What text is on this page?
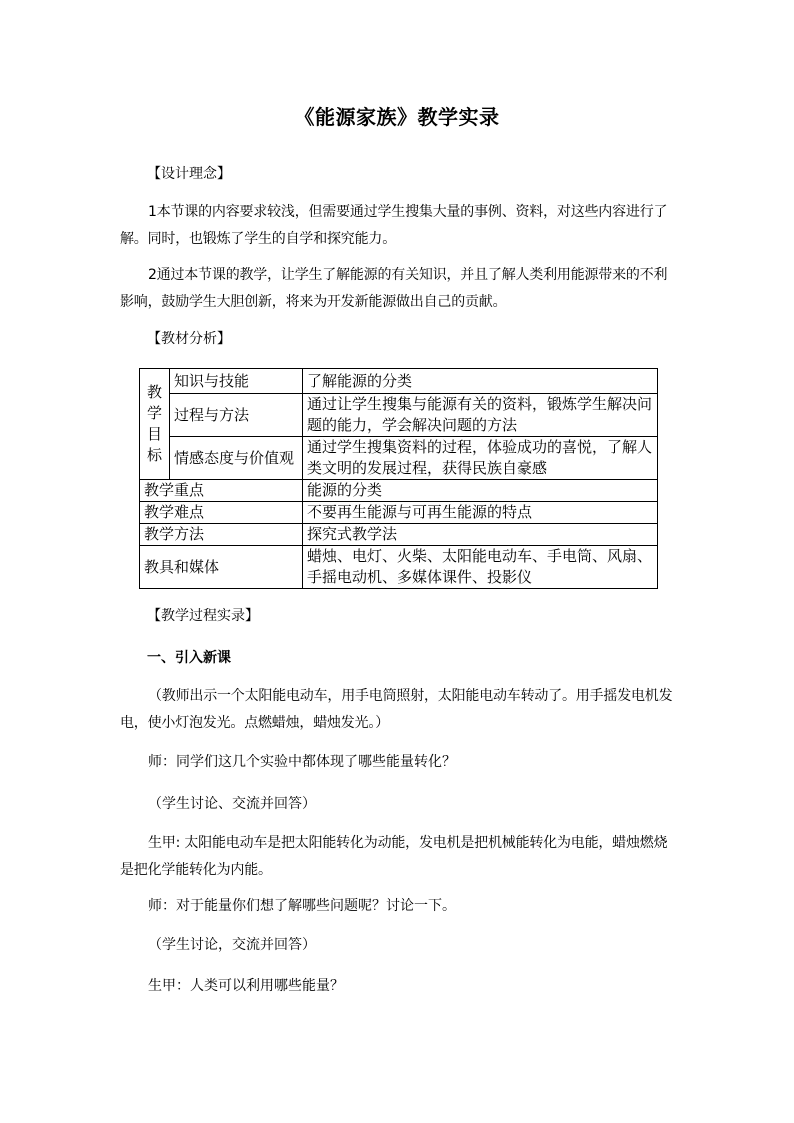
《能源家族》教学实录
【设计理念】
1本节课的内容要求较浅，但需要通过学生搜集大量的事例、资料，对这些内容进行了解。同时，也锻炼了学生的自学和探究能力。
2通过本节课的教学，让学生了解能源的有关知识，并且了解人类利用能源带来的不利影响，鼓励学生大胆创新，将来为开发新能源做出自己的贡献。
【教材分析】
教
学
目
标	知识与技能	了解能源的分类
	过程与方法	通过让学生搜集与能源有关的资料，锻炼学生解决问题的能力，学会解决问题的方法
	情感态度与价值观	通过学生搜集资料的过程，体验成功的喜悦，了解人类文明的发展过程，获得民族自豪感
教学重点		能源的分类
教学难点		不要再生能源与可再生能源的特点
教学方法		探究式教学法
教具和媒体		蜡烛、电灯、火柴、太阳能电动车、手电筒、风扇、手摇电动机、多媒体课件、投影仪
【教学过程实录】
一、引入新课
（教师出示一个太阳能电动车，用手电筒照射，太阳能电动车转动了。用手摇发电机发电，使小灯泡发光。点燃蜡烛，蜡烛发光。）
师：同学们这几个实验中都体现了哪些能量转化？
（学生讨论、交流并回答）
生甲: 太阳能电动车是把太阳能转化为动能，发电机是把机械能转化为电能，蜡烛燃烧是把化学能转化为内能。
师：对于能量你们想了解哪些问题呢？讨论一下。
（学生讨论，交流并回答）
生甲：人类可以利用哪些能量？
